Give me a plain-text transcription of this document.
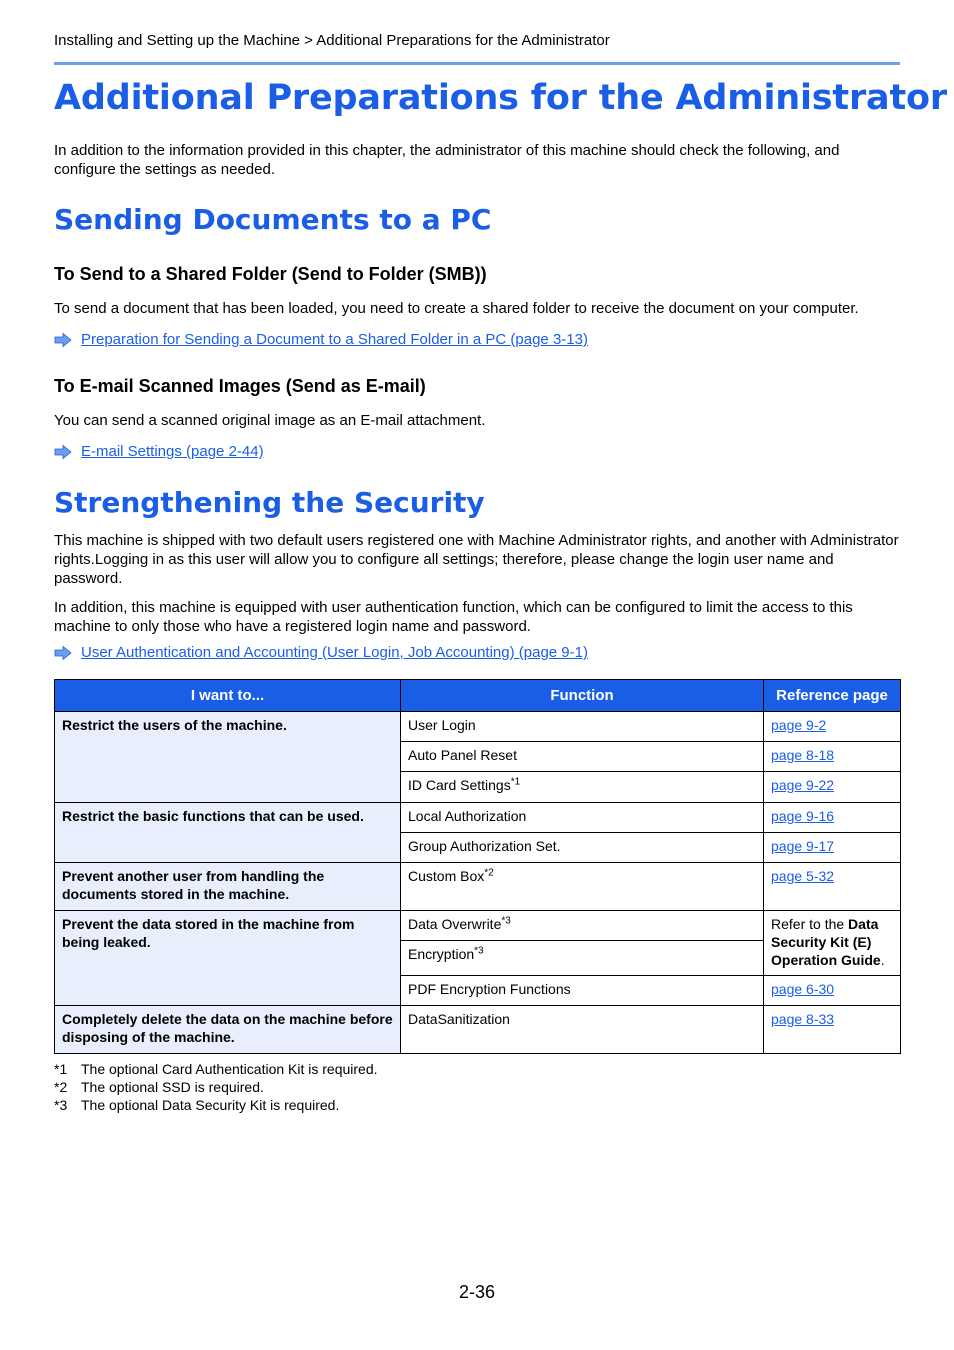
Installing and Setting up the Machine > Additional Preparations for the Administrator
Additional Preparations for the Administrator
In addition to the information provided in this chapter, the administrator of this machine should check the following, and configure the settings as needed.
Sending Documents to a PC
To Send to a Shared Folder (Send to Folder (SMB))
To send a document that has been loaded, you need to create a shared folder to receive the document on your computer.
Preparation for Sending a Document to a Shared Folder in a PC (page 3-13)
To E-mail Scanned Images (Send as E-mail)
You can send a scanned original image as an E-mail attachment.
E-mail Settings (page 2-44)
Strengthening the Security
This machine is shipped with two default users registered one with Machine Administrator rights, and another with Administrator rights.Logging in as this user will allow you to configure all settings; therefore, please change the login user name and password.
In addition, this machine is equipped with user authentication function, which can be configured to limit the access to this machine to only those who have a registered login name and password.
User Authentication and Accounting (User Login, Job Accounting) (page 9-1)
I want to...	Function	Reference page
Restrict the users of the machine.	User Login	page 9-2
	Auto Panel Reset	page 8-18
	ID Card Settings$^{*1}$	page 9-22
Restrict the basic functions that can be used.	Local Authorization	page 9-16
	Group Authorization Set.	page 9-17
Prevent another user from handling the documents stored in the machine.	Custom Box$^{*2}$	page 5-32
Prevent the data stored in the machine from being leaked.	Data Overwrite$^{*3}$	Refer to the Data Security Kit (E) Operation Guide.
	Encryption$^{*3}$
	PDF Encryption Functions	page 6-30
Completely delete the data on the machine before disposing of the machine.	DataSanitization	page 8-33
*1 The optional Card Authentication Kit is required.
*2 The optional SSD is required.
*3 The optional Data Security Kit is required.
2-36
